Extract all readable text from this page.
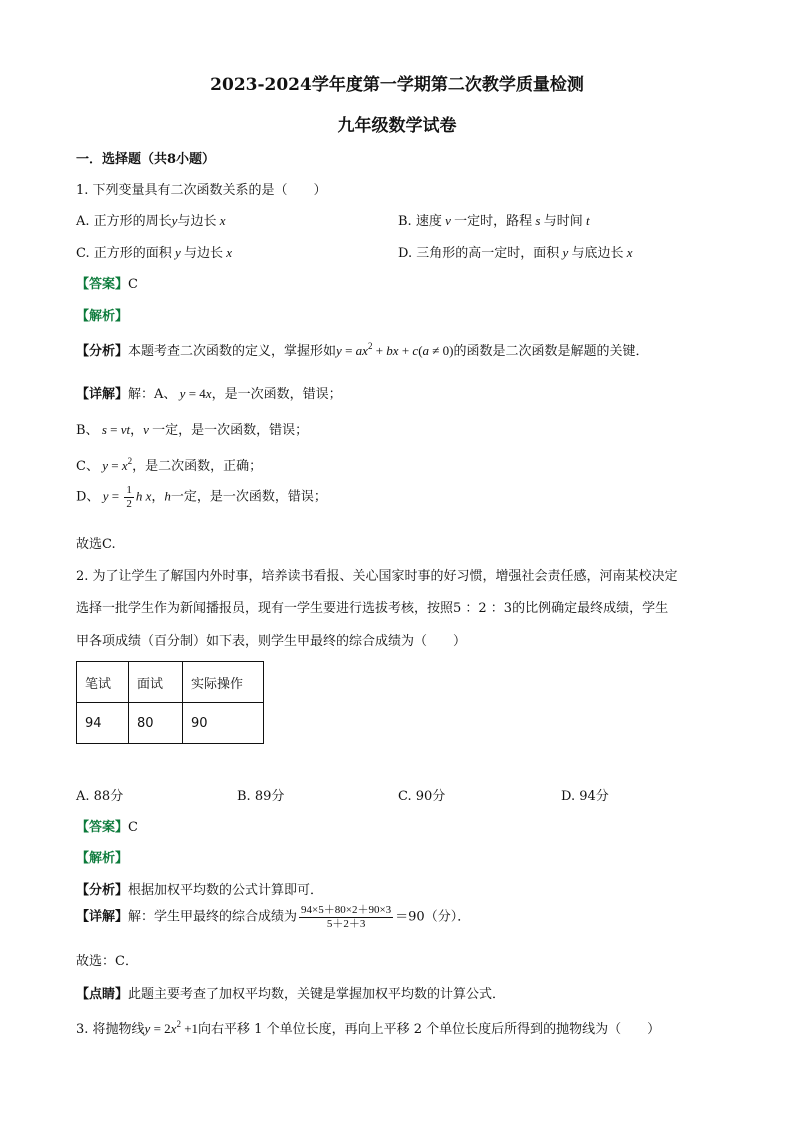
2023-2024学年度第一学期第二次教学质量检测
九年级数学试卷
一．选择题（共8小题）
1. 下列变量具有二次函数关系的是（　　）
A. 正方形的周长y与边长 x	B. 速度 v 一定时，路程 s 与时间 t
C. 正方形的面积 y 与边长 x	D. 三角形的高一定时，面积 y 与底边长 x
【答案】C
【解析】
【分析】本题考查二次函数的定义，掌握形如$y = ax^2$ + bx + c(a ≠ 0)的函数是二次函数是解题的关键．
【详解】解：A、 y = 4x，是一次函数，错误；
B、 s = vt，v 一定，是一次函数，错误；
C、 $y = x^2$，是二次函数，正确；
D、 $y = \frac{1}{2}$ h x，h一定，是一次函数，错误；
故选C.
2. 为了让学生了解国内外时事，培养读书看报、关心国家时事的好习惯，增强社会责任感，河南某校决定
选择一批学生作为新闻播报员，现有一学生要进行选拔考核，按照5 ：2 ：3的比例确定最终成绩，学生
甲各项成绩（百分制）如下表，则学生甲最终的综合成绩为（　　）
笔试	面试	实际操作
94	80	90
A. 88分	B. 89分	C. 90分	D. 94分
【答案】C
【解析】
【分析】根据加权平均数的公式计算即可．
【详解】解：学生甲最终的综合成绩为 $\frac{94\times 5+80\times 2+90\times 3}{5+2+3} =90$（分）．
故选：C．
【点睛】此题主要考查了加权平均数，关键是掌握加权平均数的计算公式．
3. 将抛物线$y = 2x^2 +1$向右平移 1 个单位长度，再向上平移 2 个单位长度后所得到的抛物线为（　　）
